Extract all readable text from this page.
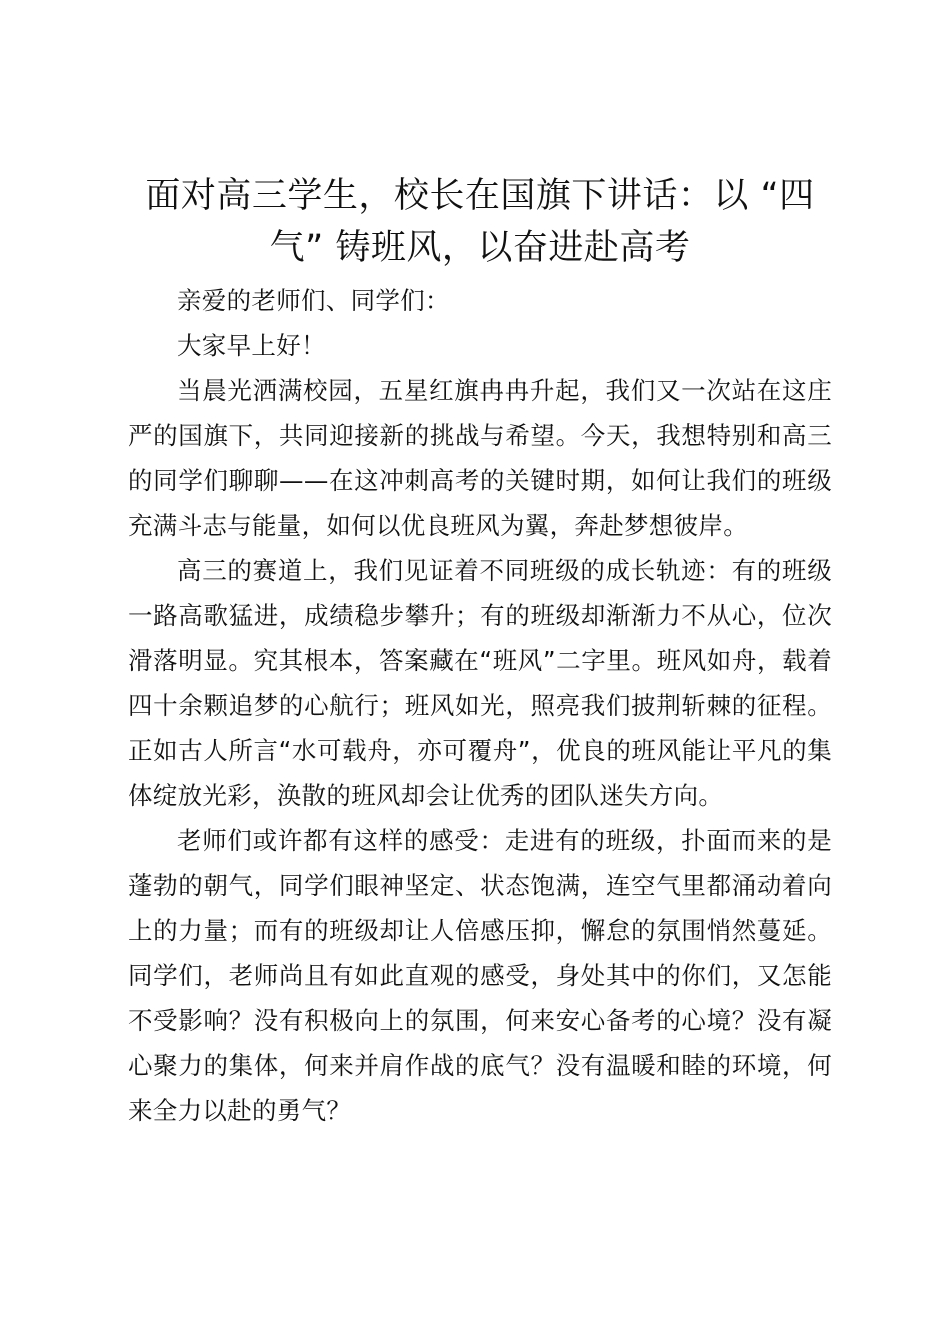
面对高三学生，校长在国旗下讲话：以 “四气” 铸班风，以奋进赴高考

亲爱的老师们、同学们：

大家早上好！

当晨光洒满校园，五星红旗冉冉升起，我们又一次站在这庄严的国旗下，共同迎接新的挑战与希望。今天，我想特别和高三的同学们聊聊——在这冲刺高考的关键时期，如何让我们的班级充满斗志与能量，如何以优良班风为翼，奔赴梦想彼岸。

高三的赛道上，我们见证着不同班级的成长轨迹：有的班级一路高歌猛进，成绩稳步攀升；有的班级却渐渐力不从心，位次滑落明显。究其根本，答案藏在“班风”二字里。班风如舟，载着四十余颗追梦的心航行；班风如光，照亮我们披荆斩棘的征程。正如古人所言“水可载舟，亦可覆舟”，优良的班风能让平凡的集体绽放光彩，涣散的班风却会让优秀的团队迷失方向。

老师们或许都有这样的感受：走进有的班级，扑面而来的是蓬勃的朝气，同学们眼神坚定、状态饱满，连空气里都涌动着向上的力量；而有的班级却让人倍感压抑，懈怠的氛围悄然蔓延。同学们，老师尚且有如此直观的感受，身处其中的你们，又怎能不受影响？没有积极向上的氛围，何来安心备考的心境？没有凝心聚力的集体，何来并肩作战的底气？没有温暖和睦的环境，何来全力以赴的勇气？
